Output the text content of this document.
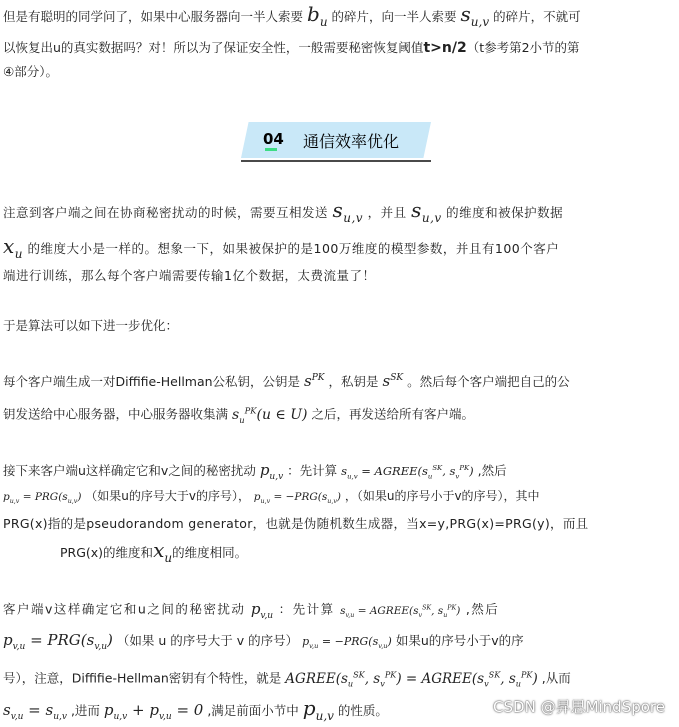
但是有聪明的同学问了，如果中心服务器向一半人索要 $b_u$ 的碎片，向一半人索要 $s_{u,v}$ 的碎片，不就可
以恢复出u的真实数据吗？对！所以为了保证安全性，一般需要秘密恢复阈值t>n/2（t参考第2小节的第
④部分）。
04 通信效率优化
注意到客户端之间在协商秘密扰动的时候，需要互相发送 $s_{u,v}$ ，并且 $s_{u,v}$ 的维度和被保护数据
$x_u$ 的维度大小是一样的。想象一下，如果被保护的是100万维度的模型参数，并且有100个客户
端进行训练，那么每个客户端需要传输1亿个数据，太费流量了！
于是算法可以如下进一步优化：
每个客户端生成一对Diffifie-Hellman公私钥，公钥是 $s^{PK}$ ，私钥是 $s^{SK}$ 。然后每个客户端把自己的公
钥发送给中心服务器，中心服务器收集满 $s_u^{PK}(u$ ∈ U) 之后，再发送给所有客户端。
接下来客户端u这样确定它和v之间的秘密扰动 $p_{u,v}$ ：先计算 $s_{u,v}$ = $AGREE(s_u^{SK}$, $s_v^{PK}$) ,然后
$p_{u,v} = PRG(s_{u,v})$ （如果u的序号大于v的序号）， $p_{u,v} = -PRG(s_{u,v})$ ，（如果u的序号小于v的序号），其中
PRG(x)指的是pseudorandom generator，也就是伪随机数生成器，当x=y,PRG(x)=PRG(y)，而且
PRG(x)的维度和$x_u$的维度相同。
客户端v这样确定它和u之间的秘密扰动 $p_{v,u}$ ：先计算 $s_{v,u}$ = $AGREE(s_v^{SK}$, $s_u^{PK}$) ,然后
$p_{v,u} = PRG(s_{v,u})$ （如果 u 的序号大于 v 的序号） $p_{v,u} = -PRG(s_{v,u})$ 如果u的序号小于v的序
号），注意，Diffifie-Hellman密钥有个特性，就是 $AGREE(s_u^{SK}$, $s_v^{PK}$) = $AGREE(s_v^{SK}$, $s_u^{PK}$) ,从而
$s_{v,u} = s_{u,v}$ ,进而 $p_{u,v} + p_{v,u} = 0$ ,满足前面小节中 $p_{u,v}$ 的性质。	CSDN @昇思MindSpore
